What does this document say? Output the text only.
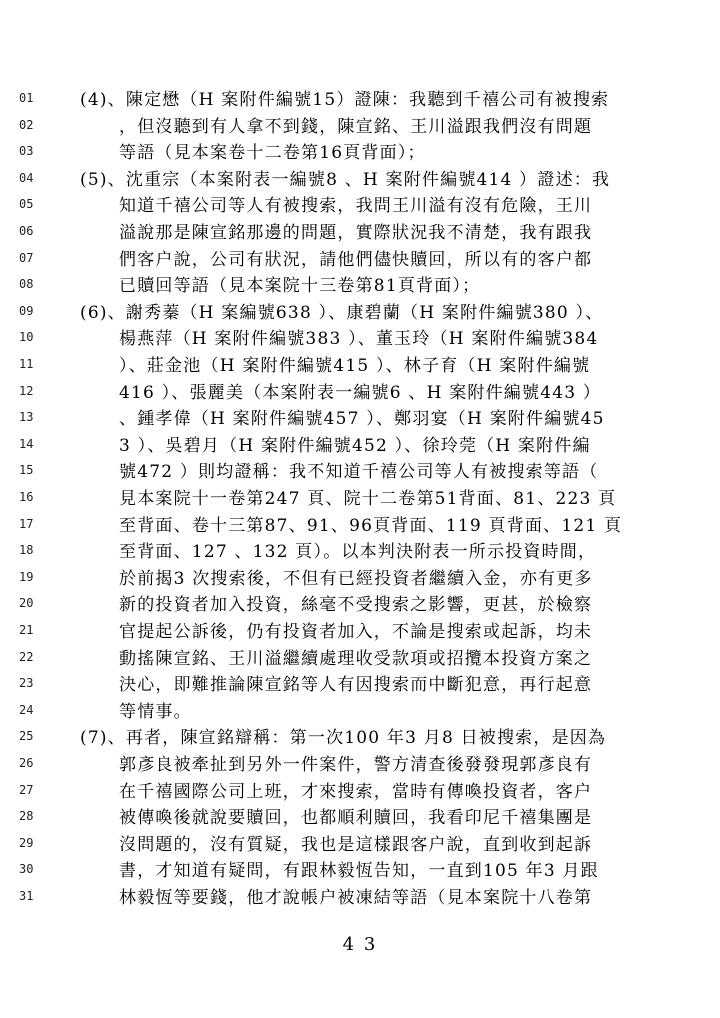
01	(4)、陳定懋（H 案附件編號15）證陳：我聽到千禧公司有被搜索
02	，但沒聽到有人拿不到錢，陳宣銘、王川溢跟我們沒有問題
03	等語（見本案卷十二卷第16頁背面）；
04	(5)、沈重宗（本案附表一編號8 、H 案附件編號414 ）證述：我
05	知道千禧公司等人有被搜索，我問王川溢有沒有危險，王川
06	溢說那是陳宣銘那邊的問題，實際狀況我不清楚，我有跟我
07	們客户說，公司有狀況，請他們儘快贖回，所以有的客户都
08	已贖回等語（見本案院十三卷第81頁背面）；
09	(6)、謝秀蓁（H 案編號638 ）、康碧蘭（H 案附件編號380 ）、
10	楊燕萍（H 案附件編號383 ）、董玉玲（H 案附件編號384
11	）、莊金池（H 案附件編號415 ）、林子育（H 案附件編號
12	416 ）、張麗美（本案附表一編號6 、H 案附件編號443 ）
13	、鍾孝偉（H 案附件編號457 ）、鄭羽宴（H 案附件編號45
14	3 ）、吳碧月（H 案附件編號452 ）、徐玲莞（H 案附件編
15	號472 ）則均證稱：我不知道千禧公司等人有被搜索等語（
16	見本案院十一卷第247 頁、院十二卷第51背面、81、223 頁
17	至背面、卷十三第87、91、96頁背面、119 頁背面、121 頁
18	至背面、127 、132 頁）。以本判決附表一所示投資時間，
19	於前揭3 次搜索後，不但有已經投資者繼續入金，亦有更多
20	新的投資者加入投資，絲毫不受搜索之影響，更甚，於檢察
21	官提起公訴後，仍有投資者加入，不論是搜索或起訴，均未
22	動搖陳宣銘、王川溢繼續處理收受款項或招攬本投資方案之
23	決心，即難推論陳宣銘等人有因搜索而中斷犯意，再行起意
24	等情事。
25	(7)、再者，陳宣銘辯稱：第一次100 年3 月8 日被搜索，是因為
26	郭彥良被牽扯到另外一件案件，警方清查後發發現郭彥良有
27	在千禧國際公司上班，才來搜索，當時有傳喚投資者，客户
28	被傳喚後就說要贖回，也都順利贖回，我看印尼千禧集團是
29	沒問題的，沒有質疑，我也是這樣跟客户說，直到收到起訴
30	書，才知道有疑問，有跟林毅恆告知，一直到105 年3 月跟
31	林毅恆等要錢，他才說帳户被凍結等語（見本案院十八卷第
4 3
